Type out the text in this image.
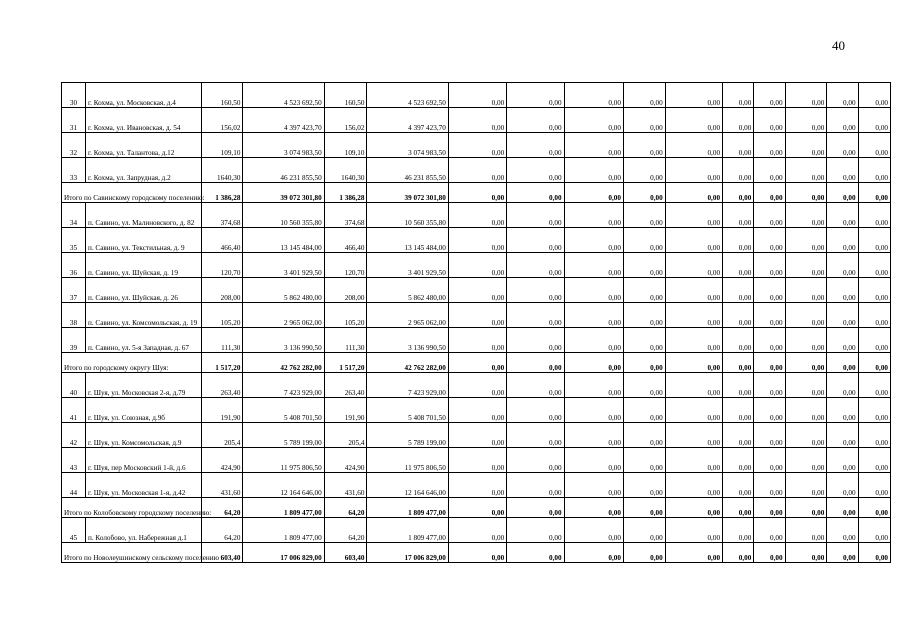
40
30	г. Кохма, ул. Московская, д.4	160,50	4 523 692,50	160,50	4 523 692,50	0,00	0,00	0,00	0,00	0,00	0,00	0,00	0,00	0,00	0,00
31	г. Кохма, ул. Ивановская, д. 54	156,02	4 397 423,70	156,02	4 397 423,70	0,00	0,00	0,00	0,00	0,00	0,00	0,00	0,00	0,00	0,00
32	г. Кохма, ул. Талантова, д.12	109,10	3 074 983,50	109,10	3 074 983,50	0,00	0,00	0,00	0,00	0,00	0,00	0,00	0,00	0,00	0,00
33	г. Кохма, ул. Запрудная, д.2	1640,30	46 231 855,50	1640,30	46 231 855,50	0,00	0,00	0,00	0,00	0,00	0,00	0,00	0,00	0,00	0,00
Итого по Савинскому городскому поселению:		1 386,28	39 072 301,80	1 386,28	39 072 301,80	0,00	0,00	0,00	0,00	0,00	0,00	0,00	0,00	0,00	0,00
34	п. Савино, ул. Малиновского, д. 82	374,68	10 560 355,80	374,68	10 560 355,80	0,00	0,00	0,00	0,00	0,00	0,00	0,00	0,00	0,00	0,00
35	п. Савино, ул. Текстильная, д. 9	466,40	13 145 484,00	466,40	13 145 484,00	0,00	0,00	0,00	0,00	0,00	0,00	0,00	0,00	0,00	0,00
36	п. Савино, ул. Шуйская, д. 19	120,70	3 401 929,50	120,70	3 401 929,50	0,00	0,00	0,00	0,00	0,00	0,00	0,00	0,00	0,00	0,00
37	п. Савино, ул. Шуйская, д. 26	208,00	5 862 480,00	208,00	5 862 480,00	0,00	0,00	0,00	0,00	0,00	0,00	0,00	0,00	0,00	0,00
38	п. Савино, ул. Комсомольская, д. 19	105,20	2 965 062,00	105,20	2 965 062,00	0,00	0,00	0,00	0,00	0,00	0,00	0,00	0,00	0,00	0,00
39	п. Савино, ул. 5-я Западная, д. 67	111,30	3 136 990,50	111,30	3 136 990,50	0,00	0,00	0,00	0,00	0,00	0,00	0,00	0,00	0,00	0,00
Итого по городскому округу Шуя:		1 517,20	42 762 282,00	1 517,20	42 762 282,00	0,00	0,00	0,00	0,00	0,00	0,00	0,00	0,00	0,00	0,00
40	г. Шуя, ул. Московская 2-я, д.79	263,40	7 423 929,00	263,40	7 423 929,00	0,00	0,00	0,00	0,00	0,00	0,00	0,00	0,00	0,00	0,00
41	г. Шуя, ул. Союзная, д.9б	191,90	5 408 701,50	191,90	5 408 701,50	0,00	0,00	0,00	0,00	0,00	0,00	0,00	0,00	0,00	0,00
42	г. Шуя, ул. Комсомольская, д.9	205,4	5 789 199,00	205,4	5 789 199,00	0,00	0,00	0,00	0,00	0,00	0,00	0,00	0,00	0,00	0,00
43	г. Шуя, пер Московский 1-й, д.6	424,90	11 975 806,50	424,90	11 975 806,50	0,00	0,00	0,00	0,00	0,00	0,00	0,00	0,00	0,00	0,00
44	г. Шуя, ул. Московская 1-я, д.42	431,60	12 164 646,00	431,60	12 164 646,00	0,00	0,00	0,00	0,00	0,00	0,00	0,00	0,00	0,00	0,00
Итого по Колобовскому городскому поселению:		64,20	1 809 477,00	64,20	1 809 477,00	0,00	0,00	0,00	0,00	0,00	0,00	0,00	0,00	0,00	0,00
45	п. Колобово, ул. Набережная д.1	64,20	1 809 477,00	64,20	1 809 477,00	0,00	0,00	0,00	0,00	0,00	0,00	0,00	0,00	0,00	0,00
Итого по Новолеушинскому сельскому поселению :		603,40	17 006 829,00	603,40	17 006 829,00	0,00	0,00	0,00	0,00	0,00	0,00	0,00	0,00	0,00	0,00
